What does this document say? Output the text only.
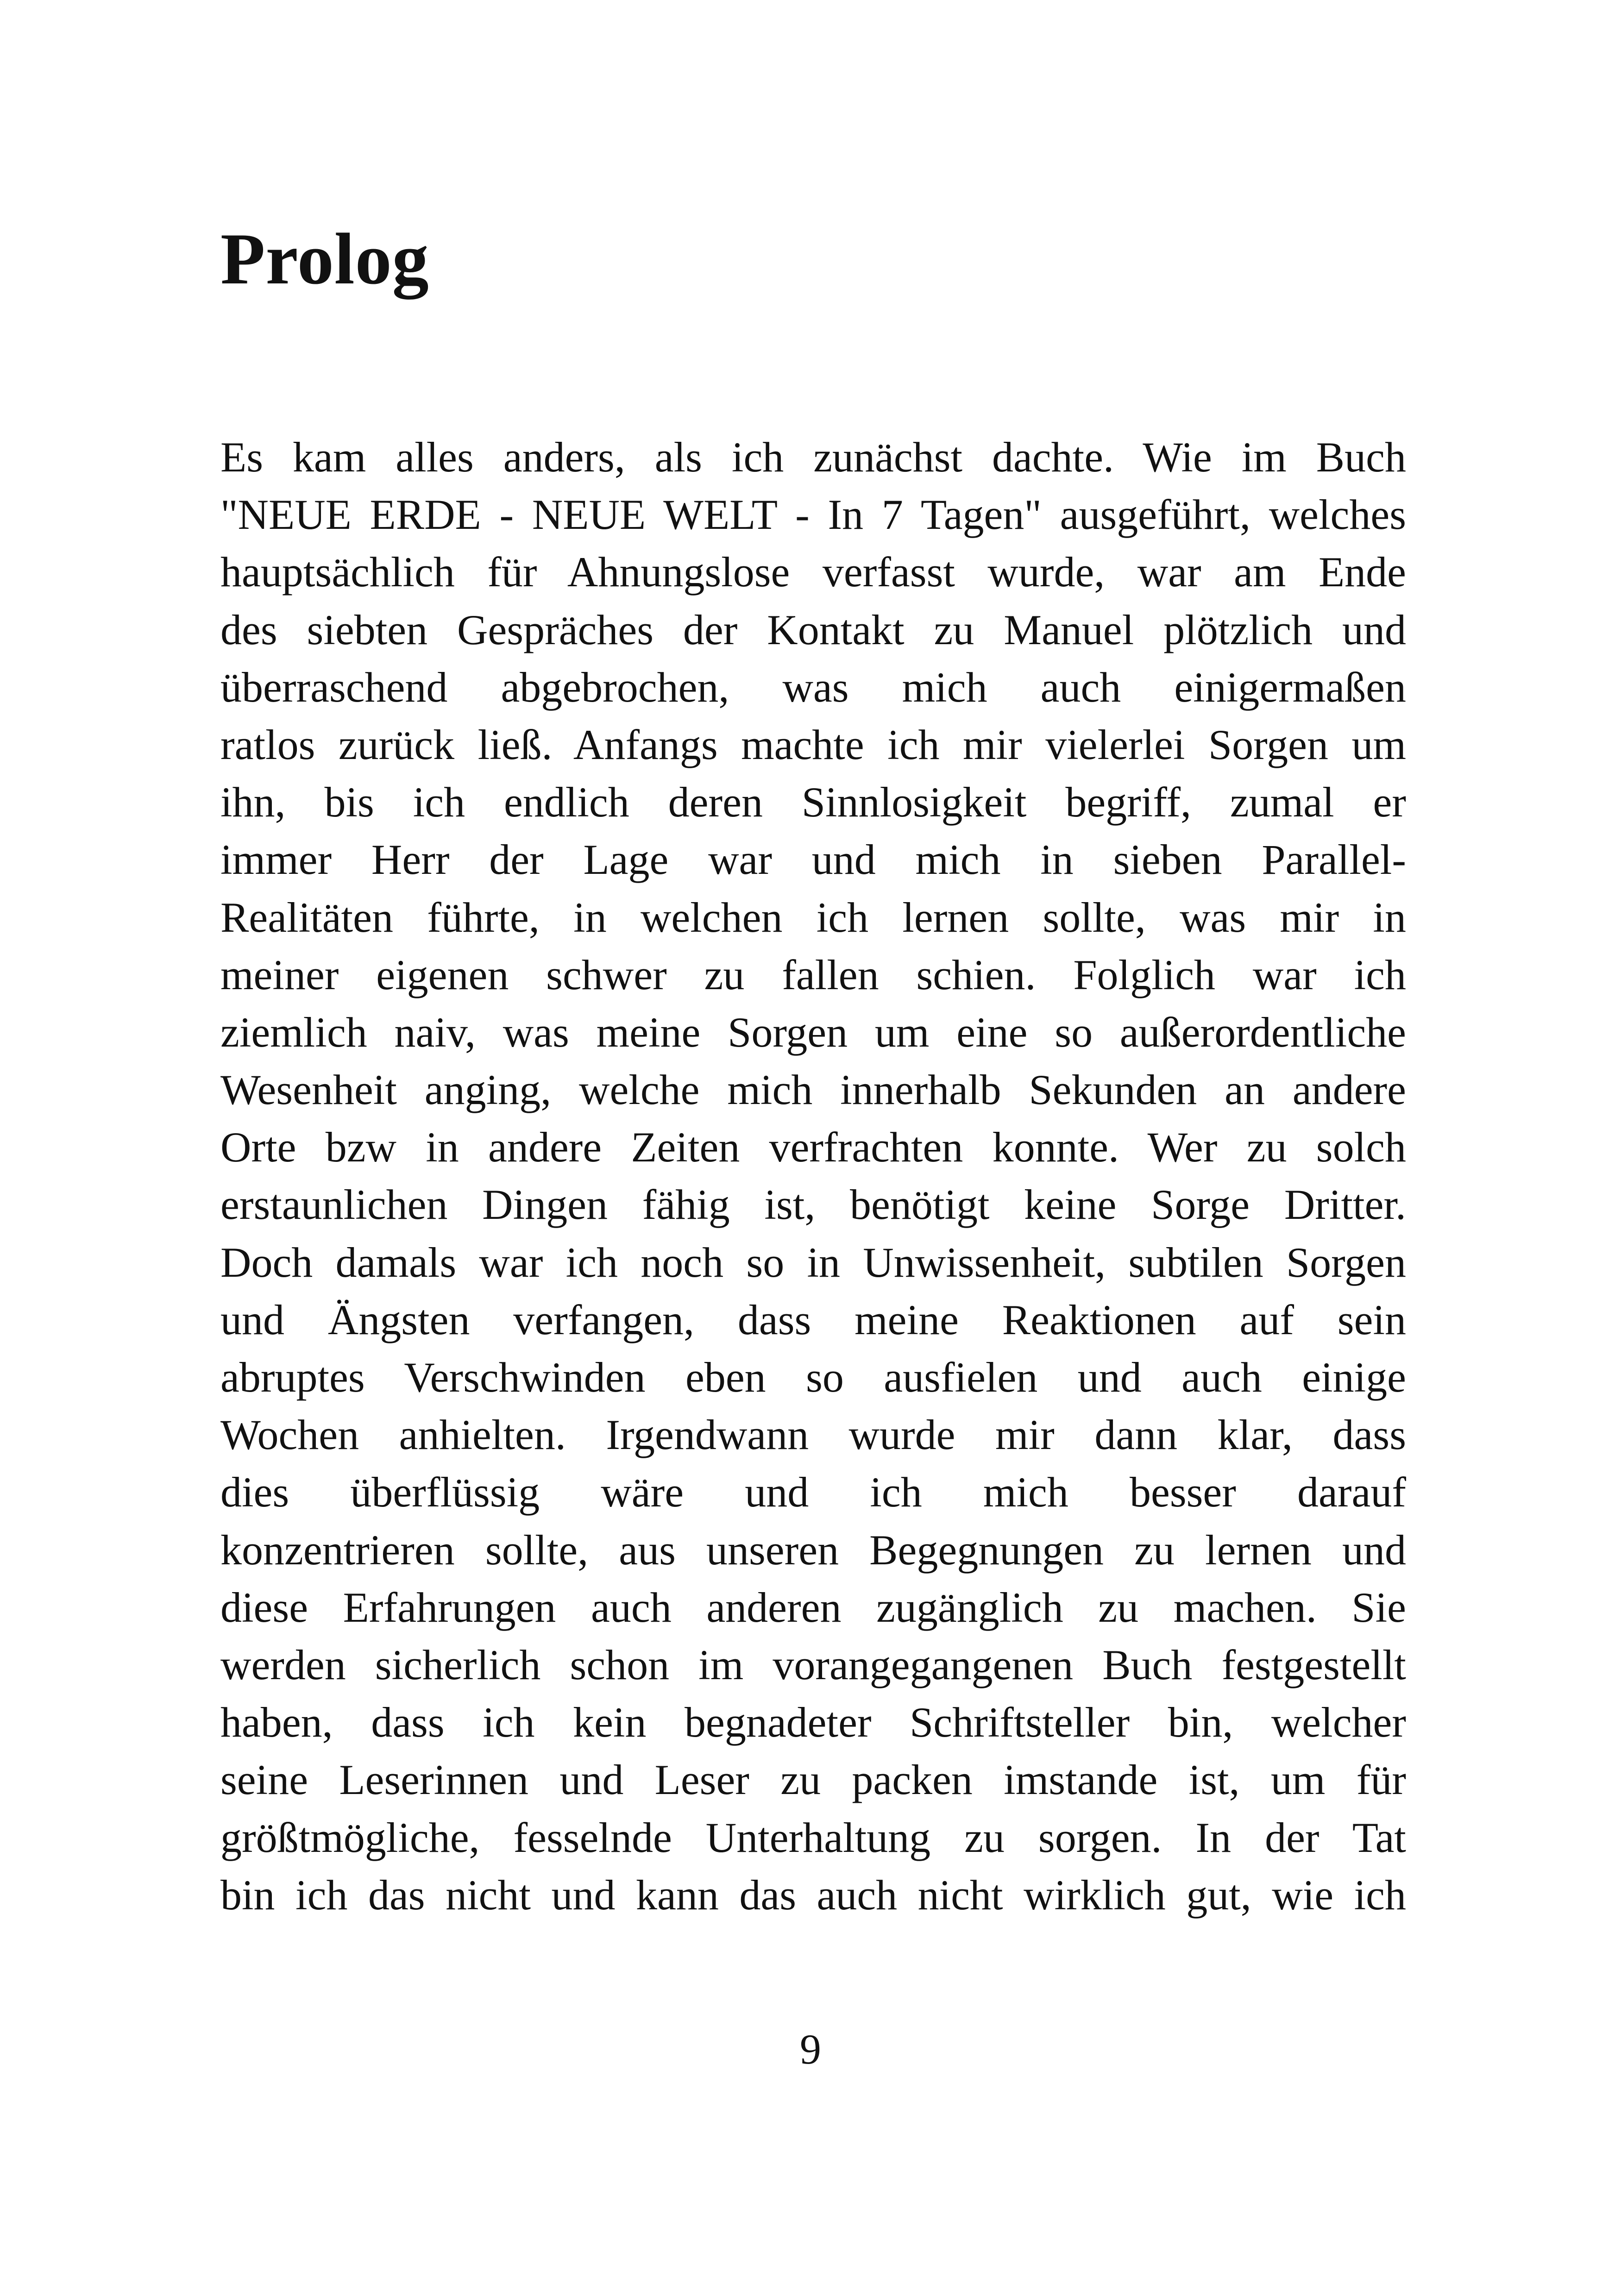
Prolog
Es kam alles anders, als ich zunächst dachte. Wie im Buch
"NEUE ERDE - NEUE WELT - In 7 Tagen" ausgeführt, welches
hauptsächlich für Ahnungslose verfasst wurde, war am Ende
des siebten Gespräches der Kontakt zu Manuel plötzlich und
überraschend abgebrochen, was mich auch einigermaßen
ratlos zurück ließ. Anfangs machte ich mir vielerlei Sorgen um
ihn, bis ich endlich deren Sinnlosigkeit begriff, zumal er
immer Herr der Lage war und mich in sieben Parallel-
Realitäten führte, in welchen ich lernen sollte, was mir in
meiner eigenen schwer zu fallen schien. Folglich war ich
ziemlich naiv, was meine Sorgen um eine so außerordentliche
Wesenheit anging, welche mich innerhalb Sekunden an andere
Orte bzw in andere Zeiten verfrachten konnte. Wer zu solch
erstaunlichen Dingen fähig ist, benötigt keine Sorge Dritter.
Doch damals war ich noch so in Unwissenheit, subtilen Sorgen
und Ängsten verfangen, dass meine Reaktionen auf sein
abruptes Verschwinden eben so ausfielen und auch einige
Wochen anhielten. Irgendwann wurde mir dann klar, dass
dies überflüssig wäre und ich mich besser darauf
konzentrieren sollte, aus unseren Begegnungen zu lernen und
diese Erfahrungen auch anderen zugänglich zu machen. Sie
werden sicherlich schon im vorangegangenen Buch festgestellt
haben, dass ich kein begnadeter Schriftsteller bin, welcher
seine Leserinnen und Leser zu packen imstande ist, um für
größtmögliche, fesselnde Unterhaltung zu sorgen. In der Tat
bin ich das nicht und kann das auch nicht wirklich gut, wie ich
9
